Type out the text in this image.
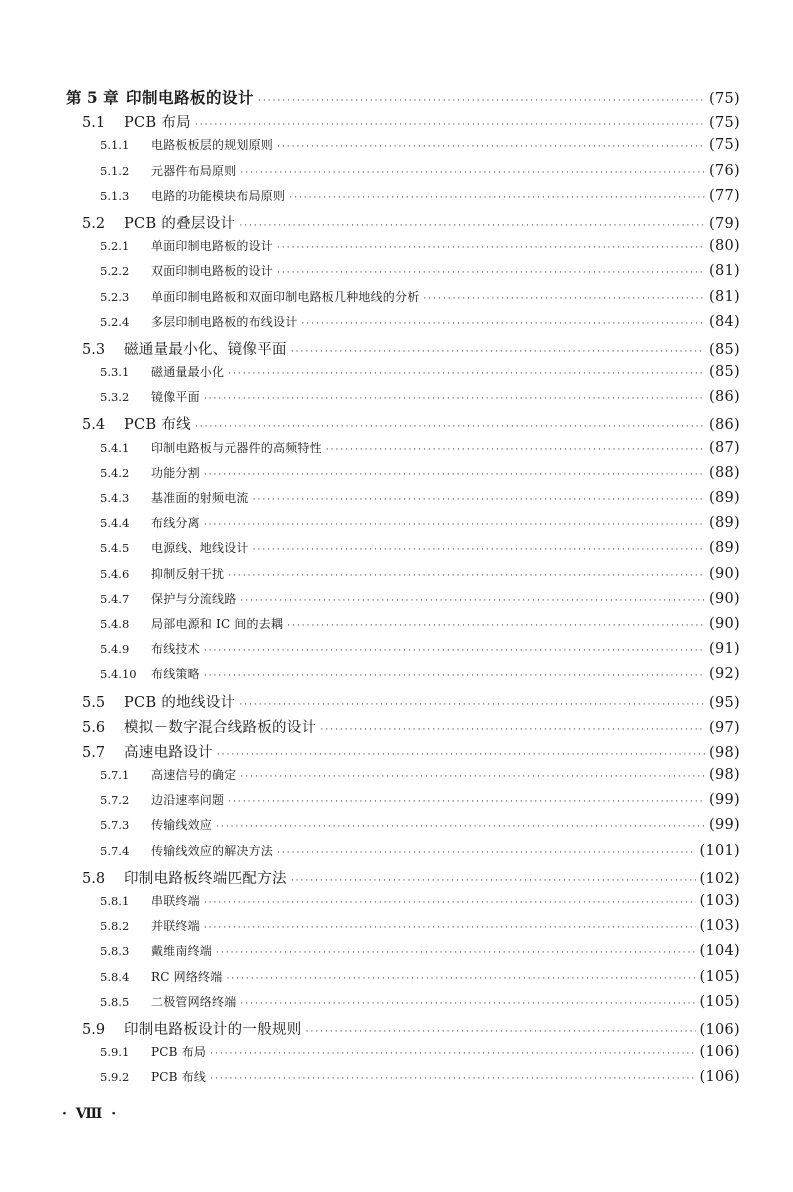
第 5 章 印制电路板的设计 ·····	(75)
5.1	PCB 布局 ·····	(75)
5.1.1	电路板板层的规划原则 ·····	(75)
5.1.2	元器件布局原则 ·····	(76)
5.1.3	电路的功能模块布局原则 ·····	(77)
5.2	PCB 的叠层设计 ·····	(79)
5.2.1	单面印制电路板的设计 ·····	(80)
5.2.2	双面印制电路板的设计 ·····	(81)
5.2.3	单面印制电路板和双面印制电路板几种地线的分析 ·····	(81)
5.2.4	多层印制电路板的布线设计 ·····	(84)
5.3	磁通量最小化、镜像平面 ·····	(85)
5.3.1	磁通量最小化 ·····	(85)
5.3.2	镜像平面 ·····	(86)
5.4	PCB 布线 ·····	(86)
5.4.1	印制电路板与元器件的高频特性 ·····	(87)
5.4.2	功能分割 ·····	(88)
5.4.3	基准面的射频电流 ·····	(89)
5.4.4	布线分离 ·····	(89)
5.4.5	电源线、地线设计 ·····	(89)
5.4.6	抑制反射干扰 ·····	(90)
5.4.7	保护与分流线路 ·····	(90)
5.4.8	局部电源和 IC 间的去耦 ·····	(90)
5.4.9	布线技术 ·····	(91)
5.4.10	布线策略 ·····	(92)
5.5	PCB 的地线设计 ·····	(95)
5.6	模拟－数字混合线路板的设计 ·····	(97)
5.7	高速电路设计 ·····	(98)
5.7.1	高速信号的确定 ·····	(98)
5.7.2	边沿速率问题 ·····	(99)
5.7.3	传输线效应 ·····	(99)
5.7.4	传输线效应的解决方法 ·····	(101)
5.8	印制电路板终端匹配方法 ·····	(102)
5.8.1	串联终端 ·····	(103)
5.8.2	并联终端 ·····	(103)
5.8.3	戴维南终端 ·····	(104)
5.8.4	RC 网络终端 ·····	(105)
5.8.5	二极管网络终端 ·····	(105)
5.9	印制电路板设计的一般规则 ·····	(106)
5.9.1	PCB 布局 ·····	(106)
5.9.2	PCB 布线 ·····	(106)
· Ⅷ ·
